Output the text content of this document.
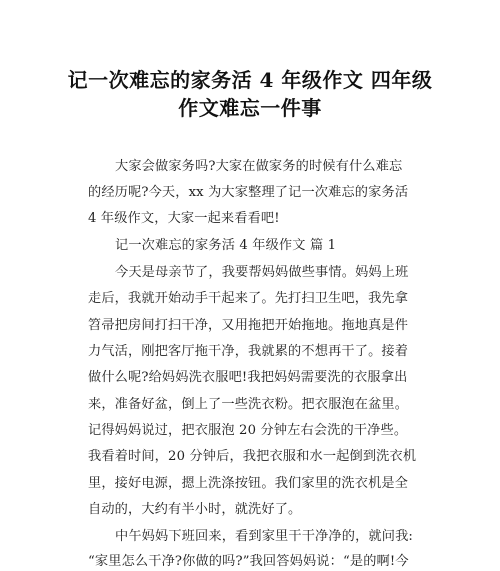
记一次难忘的家务活 4 年级作文 四年级
作文难忘一件事
大家会做家务吗?大家在做家务的时候有什么难忘
的经历呢?今天，xx 为大家整理了记一次难忘的家务活
4 年级作文，大家一起来看看吧!
记一次难忘的家务活 4 年级作文 篇 1
今天是母亲节了，我要帮妈妈做些事情。妈妈上班
走后，我就开始动手干起来了。先打扫卫生吧，我先拿
笤帚把房间打扫干净，又用拖把开始拖地。拖地真是件
力气活，刚把客厅拖干净，我就累的不想再干了。接着
做什么呢?给妈妈洗衣服吧!我把妈妈需要洗的衣服拿出
来，准备好盆，倒上了一些洗衣粉。把衣服泡在盆里。
记得妈妈说过，把衣服泡 20 分钟左右会洗的干净些。
我看着时间，20 分钟后，我把衣服和水一起倒到洗衣机
里，接好电源，摁上洗涤按钮。我们家里的洗衣机是全
自动的，大约有半小时，就洗好了。
中午妈妈下班回来，看到家里干干净净的，就问我:
“家里怎么干净?你做的吗?”我回答妈妈说：“是的啊!今
